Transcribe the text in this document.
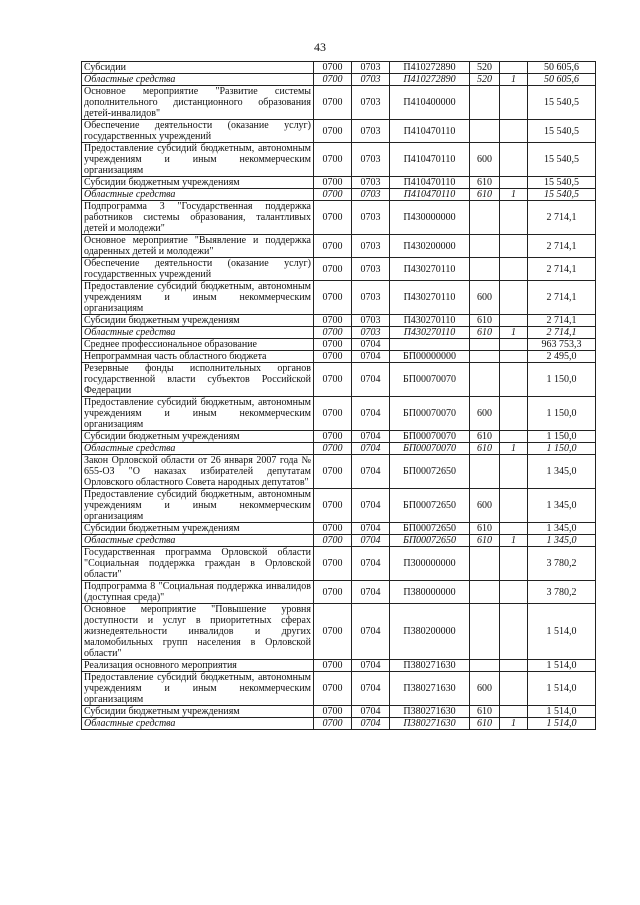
43
Субсидии	0700	0703	П410272890	520		50 605,6
Областные средства	0700	0703	П410272890	520	1	50 605,6
Основное мероприятие "Развитие системы дополнительного дистанционного образования детей-инвалидов"	0700	0703	П410400000			15 540,5
Обеспечение деятельности (оказание услуг) государственных учреждений	0700	0703	П410470110			15 540,5
Предоставление субсидий бюджетным, автономным учреждениям и иным некоммерческим организациям	0700	0703	П410470110	600		15 540,5
Субсидии бюджетным учреждениям	0700	0703	П410470110	610		15 540,5
Областные средства	0700	0703	П410470110	610	1	15 540,5
Подпрограмма 3 "Государственная поддержка работников системы образования, талантливых детей и молодежи"	0700	0703	П430000000			2 714,1
Основное мероприятие "Выявление и поддержка одаренных детей и молодежи"	0700	0703	П430200000			2 714,1
Обеспечение деятельности (оказание услуг) государственных учреждений	0700	0703	П430270110			2 714,1
Предоставление субсидий бюджетным, автономным учреждениям и иным некоммерческим организациям	0700	0703	П430270110	600		2 714,1
Субсидии бюджетным учреждениям	0700	0703	П430270110	610		2 714,1
Областные средства	0700	0703	П430270110	610	1	2 714,1
Среднее профессиональное образование	0700	0704				963 753,3
Непрограммная часть областного бюджета	0700	0704	БП00000000			2 495,0
Резервные фонды исполнительных органов государственной власти субъектов Российской Федерации	0700	0704	БП00070070			1 150,0
Предоставление субсидий бюджетным, автономным учреждениям и иным некоммерческим организациям	0700	0704	БП00070070	600		1 150,0
Субсидии бюджетным учреждениям	0700	0704	БП00070070	610		1 150,0
Областные средства	0700	0704	БП00070070	610	1	1 150,0
Закон Орловской области от 26 января 2007 года № 655-ОЗ "О наказах избирателей депутатам Орловского областного Совета народных депутатов"	0700	0704	БП00072650			1 345,0
Предоставление субсидий бюджетным, автономным учреждениям и иным некоммерческим организациям	0700	0704	БП00072650	600		1 345,0
Субсидии бюджетным учреждениям	0700	0704	БП00072650	610		1 345,0
Областные средства	0700	0704	БП00072650	610	1	1 345,0
Государственная программа Орловской области "Социальная поддержка граждан в Орловской области"	0700	0704	П300000000			3 780,2
Подпрограмма 8 "Социальная поддержка инвалидов (доступная среда)"	0700	0704	П380000000			3 780,2
Основное мероприятие "Повышение уровня доступности и услуг в приоритетных сферах жизнедеятельности инвалидов и других маломобильных групп населения в Орловской области"	0700	0704	П380200000			1 514,0
Реализация основного мероприятия	0700	0704	П380271630			1 514,0
Предоставление субсидий бюджетным, автономным учреждениям и иным некоммерческим организациям	0700	0704	П380271630	600		1 514,0
Субсидии бюджетным учреждениям	0700	0704	П380271630	610		1 514,0
Областные средства	0700	0704	П380271630	610	1	1 514,0
